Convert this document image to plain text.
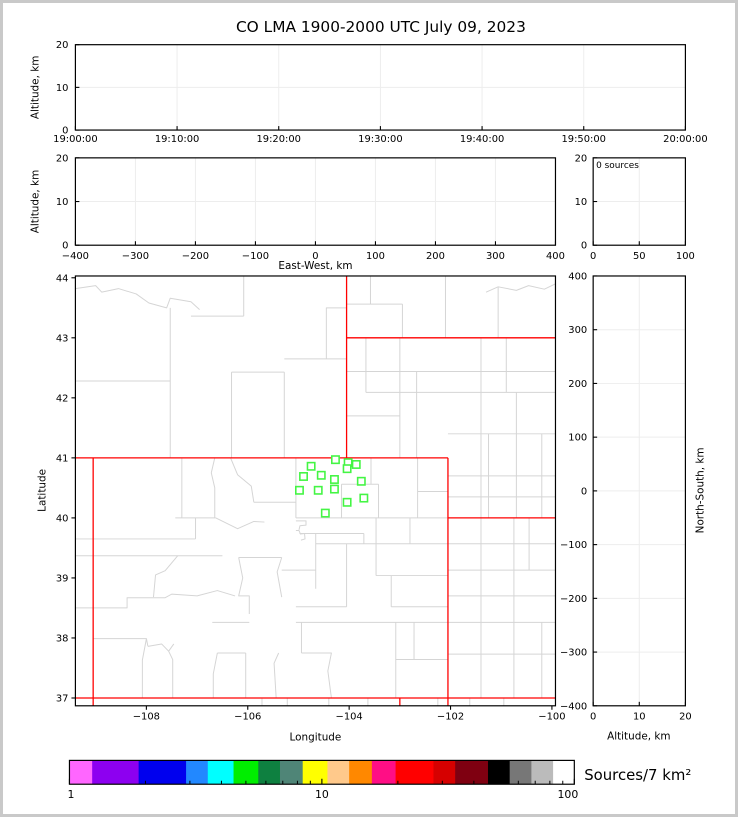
CO LMA 1900-2000 UTC July 09, 2023
19:00:00	19:10:00	19:20:00	19:30:00	19:40:00	19:50:00	20:00:00
0
10
20
−400	−300	−200	−100	0	100	200	300	400
0
10
20
0	50	100
0
10
20
0	10	20
400
300
200
100
0
−100
−200
−300
−400
−108	−106	−104	−102	−100
37
38
39
40
41
42
43
44
1	10	100
Altitude, km
Altitude, km
East-West, km
0 sources
Latitude
Longitude
North-South, km
Altitude, km
Sources/7 km²
